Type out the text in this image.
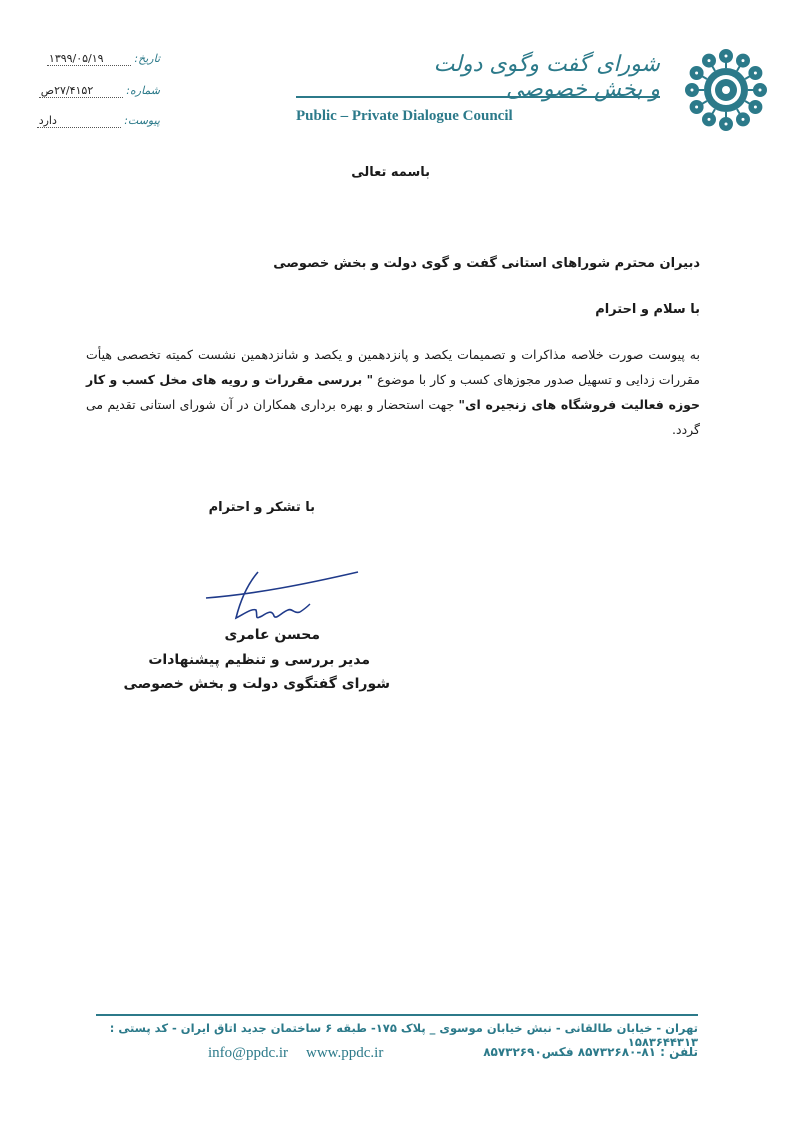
تاریخ: ۱۳۹۹/۰۵/۱۹
شماره: ۲۷/۴۱۵۲ص
پیوست: دارد
شورای گفت وگوی دولت و بخش خصوصی
Public – Private Dialogue Council
باسمه تعالی
دبیران محترم شوراهای استانی گفت و گوی دولت و بخش خصوصی
با سلام و احترام
به پیوست صورت خلاصه مذاکرات و تصمیمات یکصد و پانزدهمین و یکصد و شانزدهمین نشست کمیته تخصصی هیأت مقررات زدایی و تسهیل صدور مجوزهای کسب و کار با موضوع " بررسی مقررات و رویه های مخل کسب و کار حوزه فعالیت فروشگاه های زنجیره ای" جهت استحضار و بهره برداری همکاران در آن شورای استانی تقدیم می گردد.
با تشکر و احترام
محسن عامری
مدیر بررسی و تنظیم پیشنهادات
شورای گفتگوی دولت و بخش خصوصی
تهران - خیابان طالقانی - نبش خیابان موسوی _ پلاک ۱۷۵- طبقه ۶ ساختمان جدید اتاق ایران - کد پستی : ۱۵۸۳۶۴۴۳۱۳
تلفن : ۸۱-۸۵۷۳۲۶۸۰ فکس۸۵۷۳۲۶۹۰
www.ppdc.ir
info@ppdc.ir
